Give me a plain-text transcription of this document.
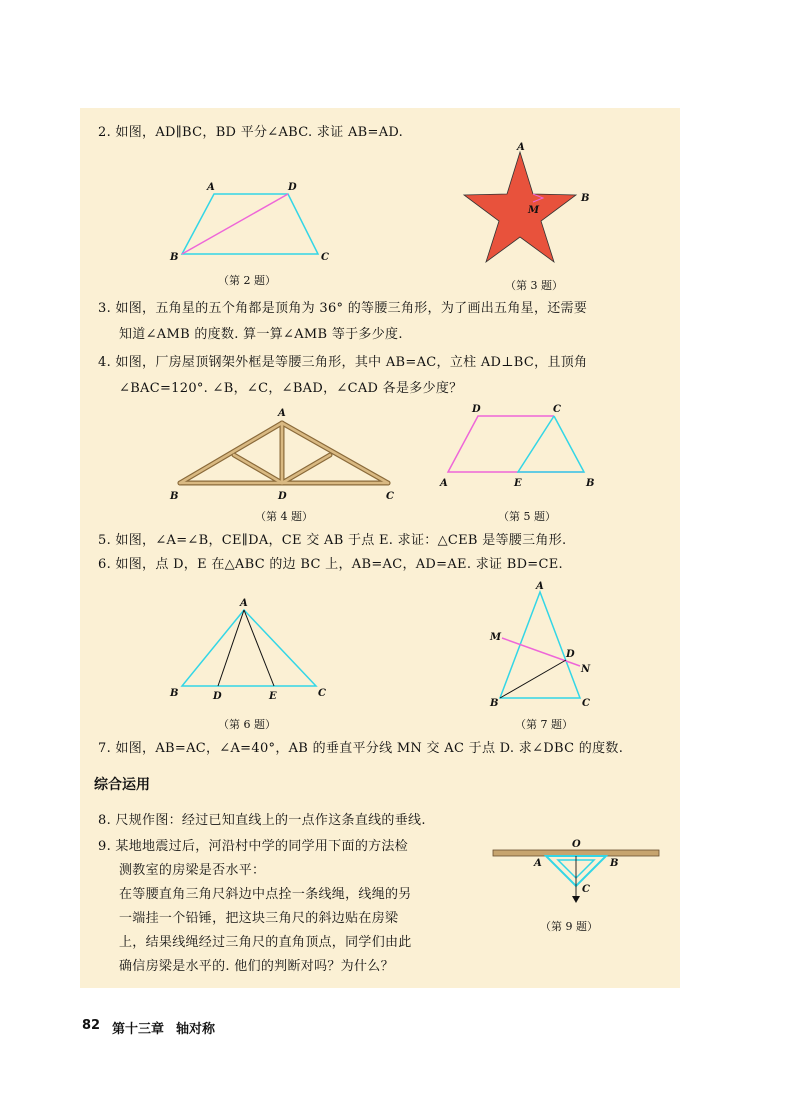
2. 如图，AD∥BC，BD 平分∠ABC. 求证 AB=AD.
A	D
B	C
（第 2 题）
A
B
M
（第 3 题）
3. 如图，五角星的五个角都是顶角为 36° 的等腰三角形，为了画出五角星，还需要
知道∠AMB 的度数. 算一算∠AMB 等于多少度.
4. 如图，厂房屋顶钢架外框是等腰三角形，其中 AB=AC，立柱 AD⊥BC，且顶角
∠BAC=120°. ∠B，∠C，∠BAD，∠CAD 各是多少度？
A
B	D	C
（第 4 题）
D	C
A	E	B
（第 5 题）
5. 如图，∠A=∠B，CE∥DA，CE 交 AB 于点 E. 求证：△CEB 是等腰三角形.
6. 如图，点 D，E 在△ABC 的边 BC 上，AB=AC，AD=AE. 求证 BD=CE.
A
B	D	E	C
（第 6 题）
A
M
D
N
B	C
（第 7 题）
7. 如图，AB=AC，∠A=40°，AB 的垂直平分线 MN 交 AC 于点 D. 求∠DBC 的度数.
综合运用
8. 尺规作图：经过已知直线上的一点作这条直线的垂线.
9. 某地地震过后，河沿村中学的同学用下面的方法检
测教室的房梁是否水平：
在等腰直角三角尺斜边中点拴一条线绳，线绳的另
一端挂一个铅锤，把这块三角尺的斜边贴在房梁
上，结果线绳经过三角尺的直角顶点，同学们由此
确信房梁是水平的. 他们的判断对吗？为什么？
O
A	B
C
（第 9 题）
82 第十三章 轴对称
